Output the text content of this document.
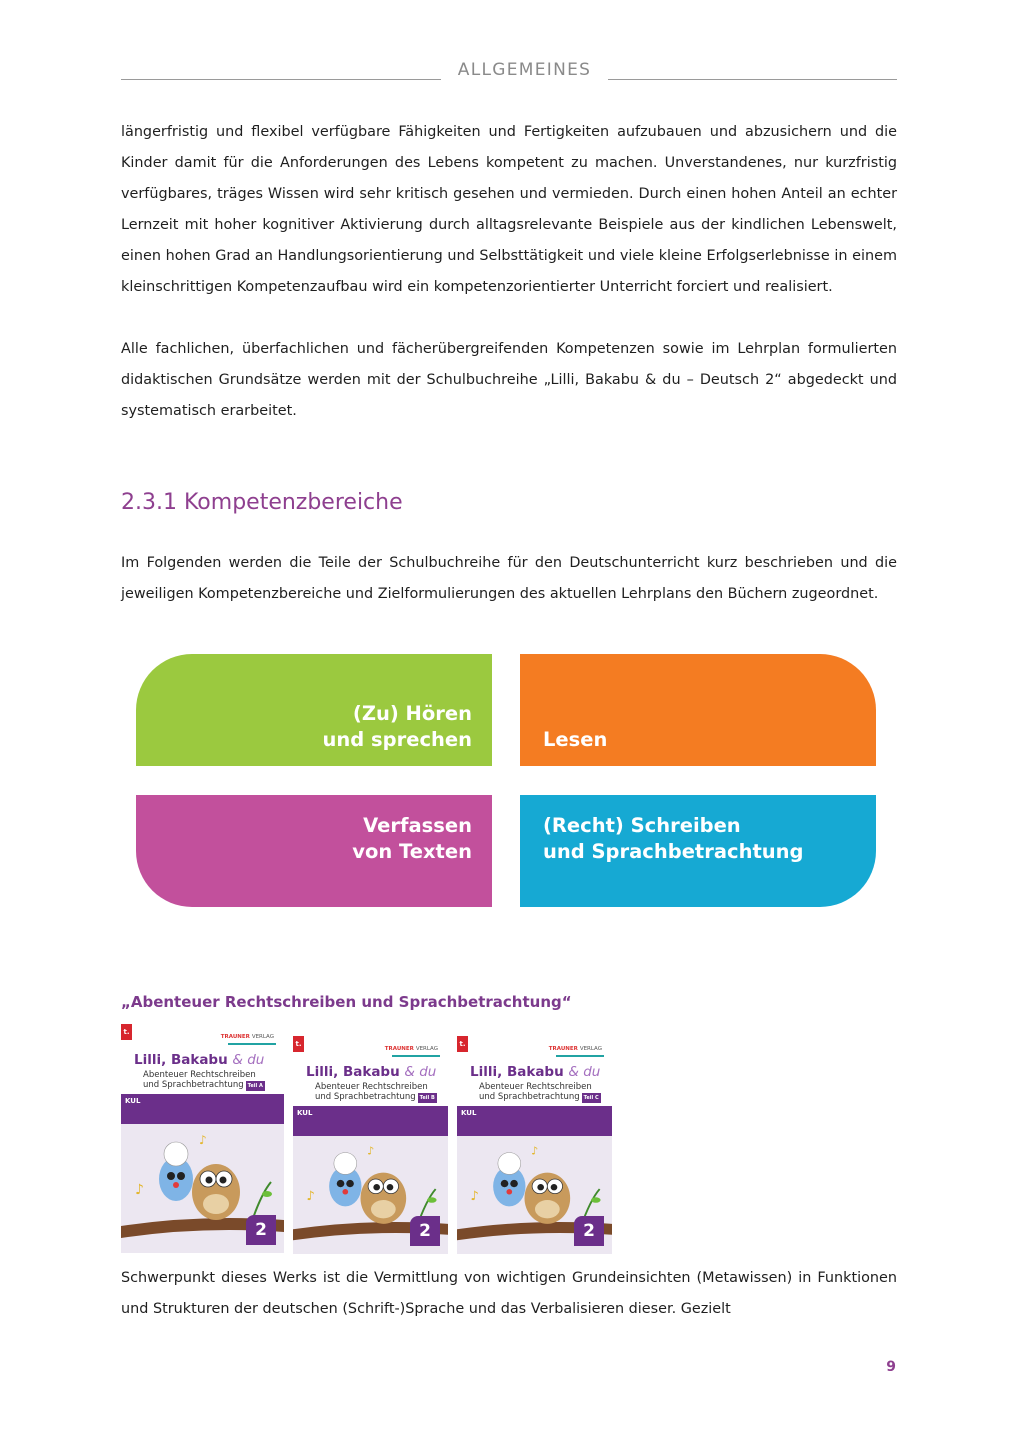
ALLGEMEINES

längerfristig und flexibel verfügbare Fähigkeiten und Fertigkeiten aufzubauen und abzusichern und die Kinder damit für die Anforderungen des Lebens kompetent zu machen. Unverstandenes, nur kurzfristig verfügbares, träges Wissen wird sehr kritisch gesehen und vermieden. Durch einen hohen Anteil an echter Lernzeit mit hoher kognitiver Aktivierung durch alltagsrelevante Beispiele aus der kindlichen Lebenswelt, einen hohen Grad an Handlungsorientierung und Selbsttätigkeit und viele kleine Erfolgserlebnisse in einem kleinschrittigen Kompetenzaufbau wird ein kompetenzorientierter Unterricht forciert und realisiert.

Alle fachlichen, überfachlichen und fächerübergreifenden Kompetenzen sowie im Lehrplan formulierten didaktischen Grundsätze werden mit der Schulbuchreihe „Lilli, Bakabu & du – Deutsch 2“ abgedeckt und systematisch erarbeitet.

2.3.1 Kompetenzbereiche

Im Folgenden werden die Teile der Schulbuchreihe für den Deutschunterricht kurz beschrieben und die jeweiligen Kompetenzbereiche und Zielformulierungen des aktuellen Lehrplans den Büchern zugeordnet.

(Zu) Hören
und sprechen	Lesen
Verfassen
von Texten
(Recht) Schreiben
und Sprachbetrachtung
„Abenteuer Rechtschreiben und Sprachbetrachtung“
t.
TRAUNER VERLAG
Lilli, Bakabu & du
Abenteuer Rechtschreiben
und Sprachbetrachtung Teil A
KUL
♪
♪
2
t.
TRAUNER VERLAG
Lilli, Bakabu & du
Abenteuer Rechtschreiben
und Sprachbetrachtung Teil B
KUL
♪
♪
2
t.
TRAUNER VERLAG
Lilli, Bakabu & du
Abenteuer Rechtschreiben
und Sprachbetrachtung Teil C
KUL
♪
♪
2

Schwerpunkt dieses Werks ist die Vermittlung von wichtigen Grundeinsichten (Metawissen) in Funktionen und Strukturen der deutschen (Schrift-)Sprache und das Verbalisieren dieser. Gezielt

9
